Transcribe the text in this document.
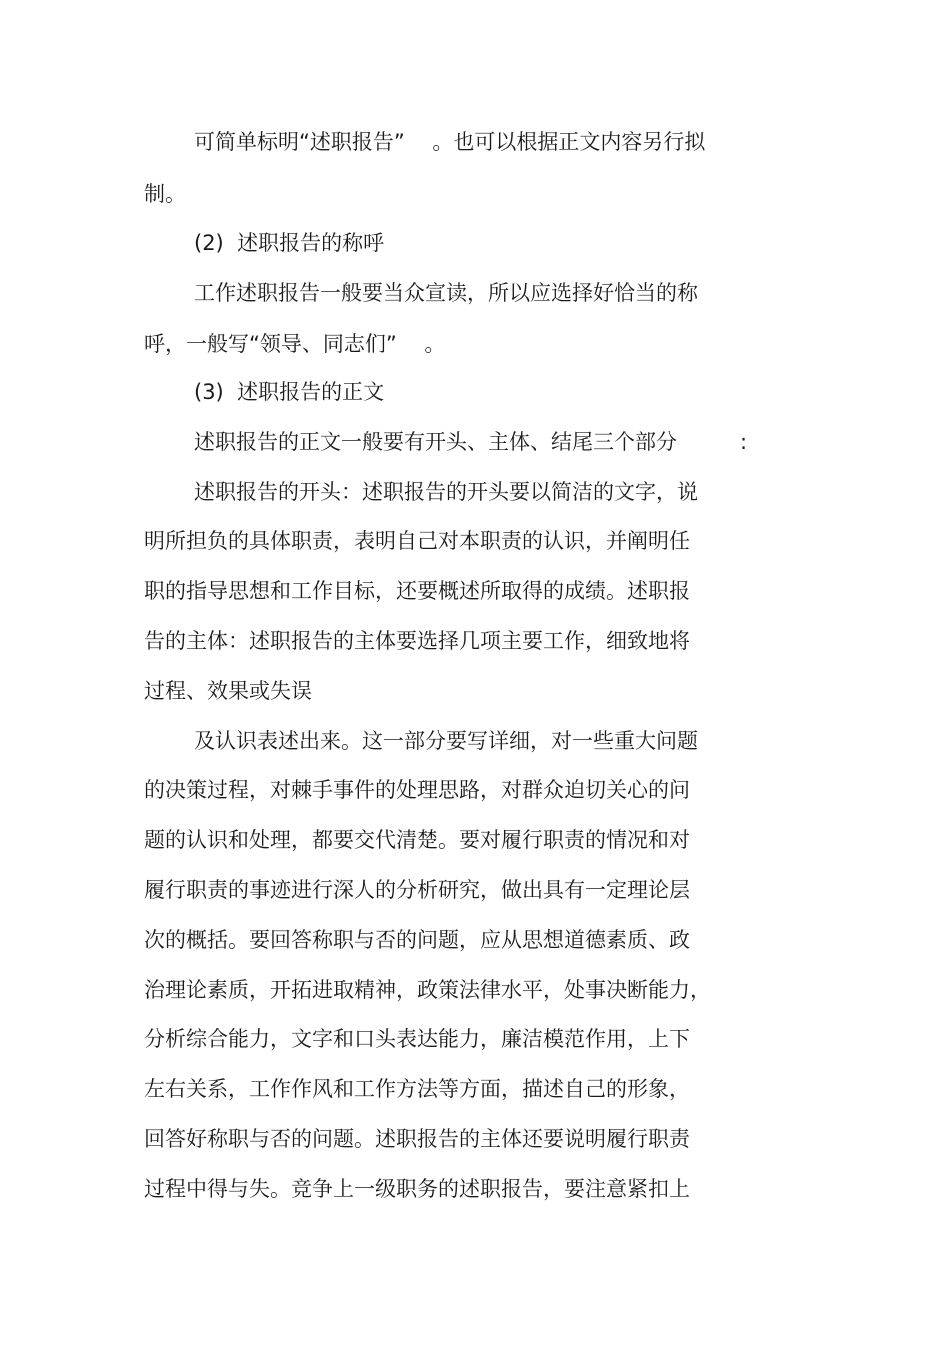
可简单标明“述职报告”　 。也可以根据正文内容另行拟
制。
(2)  述职报告的称呼
工作述职报告一般要当众宣读，所以应选择好恰当的称
呼，一般写“领导、同志们”　 。
(3)  述职报告的正文
述职报告的正文一般要有开头、主体、结尾三个部分　　　:
述职报告的开头：述职报告的开头要以简洁的文字，说
明所担负的具体职责，表明自己对本职责的认识，并阐明任
职的指导思想和工作目标，还要概述所取得的成绩。述职报
告的主体：述职报告的主体要选择几项主要工作，细致地将
过程、效果或失误
及认识表述出来。这一部分要写详细，对一些重大问题
的决策过程，对棘手事件的处理思路，对群众迫切关心的问
题的认识和处理，都要交代清楚。要对履行职责的情况和对
履行职责的事迹进行深人的分析研究，做出具有一定理论层
次的概括。要回答称职与否的问题，应从思想道德素质、政
治理论素质，开拓进取精神，政策法律水平，处事决断能力，
分析综合能力，文字和口头表达能力，廉洁模范作用，上下
左右关系，工作作风和工作方法等方面，描述自己的形象，
回答好称职与否的问题。述职报告的主体还要说明履行职责
过程中得与失。竞争上一级职务的述职报告，要注意紧扣上
